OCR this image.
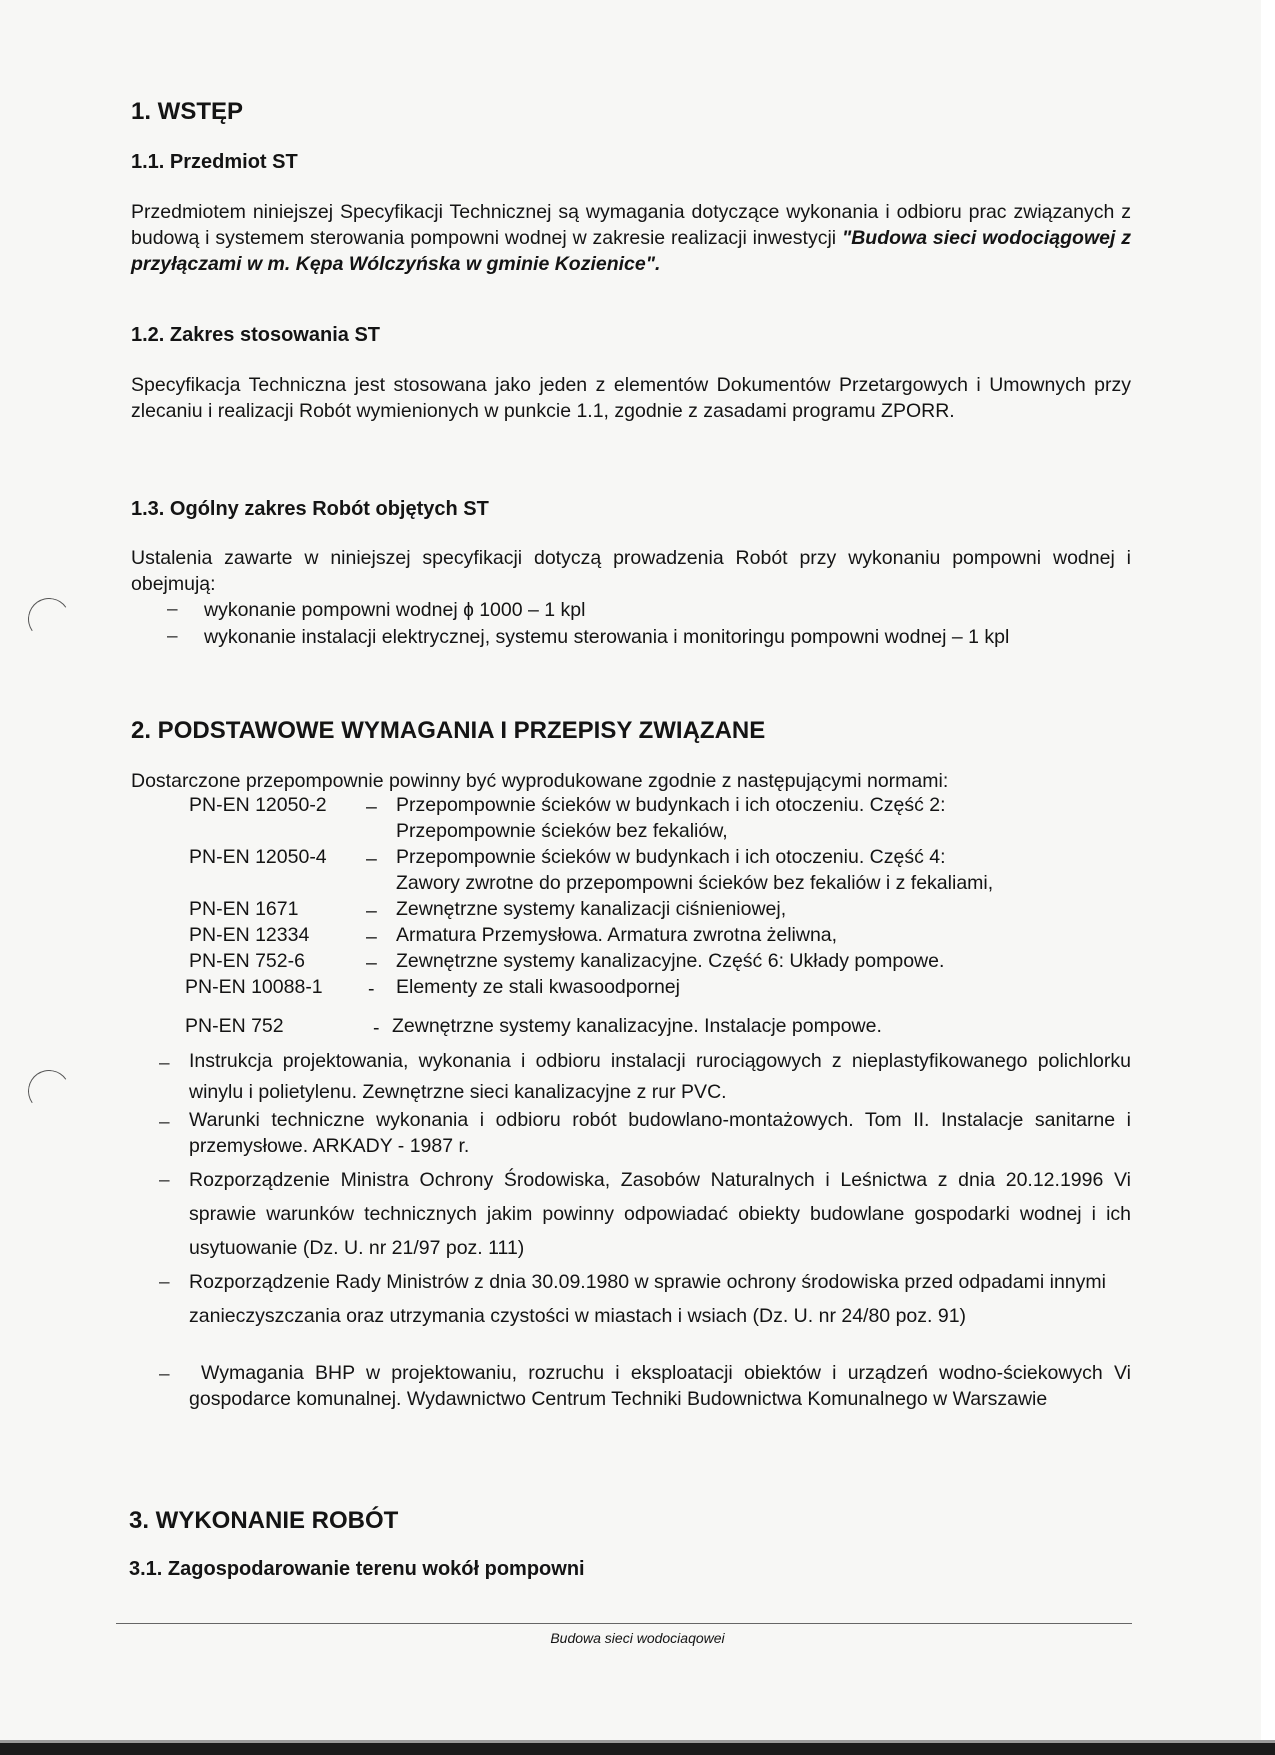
1. WSTĘP
1.1. Przedmiot ST
Przedmiotem niniejszej Specyfikacji Technicznej są wymagania dotyczące wykonania i odbioru prac związanych z budową i systemem sterowania pompowni wodnej w zakresie realizacji inwestycji "Budowa sieci wodociągowej z przyłączami w m. Kępa Wólczyńska w gminie Kozienice".
1.2. Zakres stosowania ST
Specyfikacja Techniczna jest stosowana jako jeden z elementów Dokumentów Przetargowych i Umownych przy zlecaniu i realizacji Robót wymienionych w punkcie 1.1, zgodnie z zasadami programu ZPORR.
1.3. Ogólny zakres Robót objętych ST
Ustalenia zawarte w niniejszej specyfikacji dotyczą prowadzenia Robót przy wykonaniu pompowni wodnej i obejmują:
– wykonanie pompowni wodnej ɸ 1000 – 1 kpl
– wykonanie instalacji elektrycznej, systemu sterowania i monitoringu pompowni wodnej – 1 kpl
2. PODSTAWOWE WYMAGANIA I PRZEPISY ZWIĄZANE
Dostarczone przepompownie powinny być wyprodukowane zgodnie z następującymi normami:
PN-EN 12050-2 – Przepompownie ścieków w budynkach i ich otoczeniu. Część 2:
Przepompownie ścieków bez fekaliów,
PN-EN 12050-4 – Przepompownie ścieków w budynkach i ich otoczeniu. Część 4:
Zawory zwrotne do przepompowni ścieków bez fekaliów i z fekaliami,
PN-EN 1671	– Zewnętrzne systemy kanalizacji ciśnieniowej,
PN-EN 12334	– Armatura Przemysłowa. Armatura zwrotna żeliwna,
PN-EN 752-6	– Zewnętrzne systemy kanalizacyjne. Część 6: Układy pompowe.
PN-EN 10088-1 - Elementy ze stali kwasoodpornej
PN-EN 752	- Zewnętrzne systemy kanalizacyjne. Instalacje pompowe.
– Instrukcja projektowania, wykonania i odbioru instalacji rurociągowych z nieplastyfikowanego polichlorku winylu i polietylenu. Zewnętrzne sieci kanalizacyjne z rur PVC.
– Warunki techniczne wykonania i odbioru robót budowlano-montażowych. Tom II. Instalacje sanitarne i przemysłowe. ARKADY - 1987 r.
– Rozporządzenie Ministra Ochrony Środowiska, Zasobów Naturalnych i Leśnictwa z dnia 20.12.1996 Vi sprawie warunków technicznych jakim powinny odpowiadać obiekty budowlane gospodarki wodnej i ich usytuowanie (Dz. U. nr 21/97 poz. 111)
– Rozporządzenie Rady Ministrów z dnia 30.09.1980 w sprawie ochrony środowiska przed odpadami innymi zanieczyszczania oraz utrzymania czystości w miastach i wsiach (Dz. U. nr 24/80 poz. 91)
–	Wymagania BHP w projektowaniu, rozruchu i eksploatacji obiektów i urządzeń wodno-ściekowych Vi gospodarce komunalnej. Wydawnictwo Centrum Techniki Budownictwa Komunalnego w Warszawie
3. WYKONANIE ROBÓT
3.1. Zagospodarowanie terenu wokół pompowni
Budowa sieci wodociaqowei
